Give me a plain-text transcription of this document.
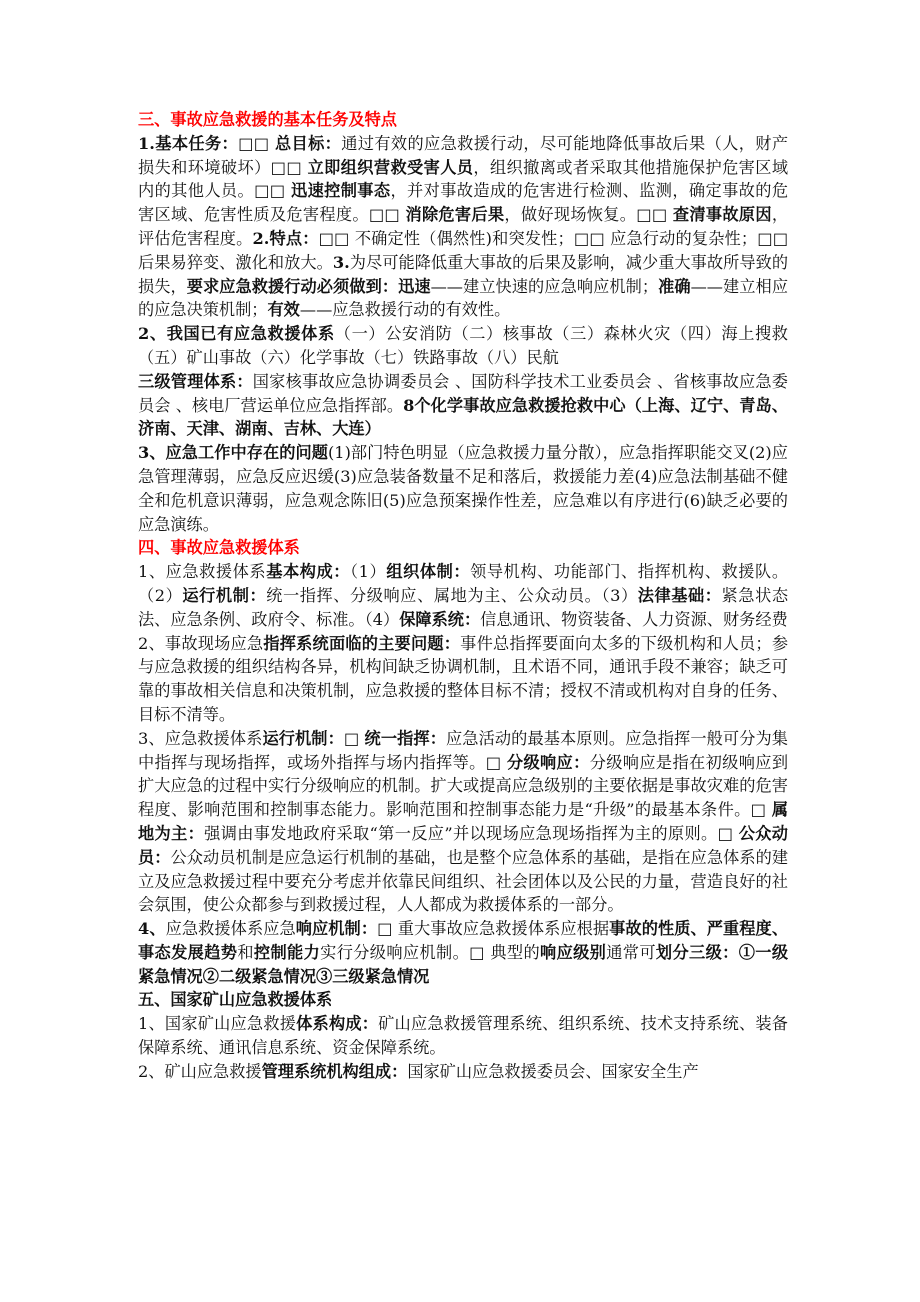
三、事故应急救援的基本任务及特点

1.基本任务：□□ 总目标：通过有效的应急救援行动，尽可能地降低事故后果（人，财产损失和环境破坏）□□ 立即组织营救受害人员，组织撤离或者采取其他措施保护危害区域内的其他人员。□□ 迅速控制事态，并对事故造成的危害进行检测、监测，确定事故的危害区域、危害性质及危害程度。□□ 消除危害后果，做好现场恢复。□□ 查清事故原因，评估危害程度。2.特点：□□ 不确定性（偶然性)和突发性；□□ 应急行动的复杂性；□□ 后果易猝变、激化和放大。3.为尽可能降低重大事故的后果及影响，减少重大事故所导致的损失，要求应急救援行动必须做到：迅速——建立快速的应急响应机制；准确——建立相应的应急决策机制；有效——应急救援行动的有效性。

2、我国已有应急救援体系（一）公安消防（二）核事故（三）森林火灾（四）海上搜救（五）矿山事故（六）化学事故（七）铁路事故（八）民航

三级管理体系：国家核事故应急协调委员会 、国防科学技术工业委员会 、省核事故应急委员会 、核电厂营运单位应急指挥部。8个化学事故应急救援抢救中心（上海、辽宁、青岛、济南、天津、湖南、吉林、大连）

3、应急工作中存在的问题(1)部门特色明显（应急救援力量分散），应急指挥职能交叉(2)应急管理薄弱，应急反应迟缓(3)应急装备数量不足和落后，救援能力差(4)应急法制基础不健全和危机意识薄弱，应急观念陈旧(5)应急预案操作性差，应急难以有序进行(6)缺乏必要的应急演练。

四、事故应急救援体系

1、应急救援体系基本构成：（1）组织体制：领导机构、功能部门、指挥机构、救援队。（2）运行机制：统一指挥、分级响应、属地为主、公众动员。（3）法律基础：紧急状态法、应急条例、政府令、标准。（4）保障系统：信息通讯、物资装备、人力资源、财务经费

2、事故现场应急指挥系统面临的主要问题：事件总指挥要面向太多的下级机构和人员；参与应急救援的组织结构各异，机构间缺乏协调机制，且术语不同，通讯手段不兼容；缺乏可靠的事故相关信息和决策机制，应急救援的整体目标不清；授权不清或机构对自身的任务、目标不清等。

3、应急救援体系运行机制：□ 统一指挥：应急活动的最基本原则。应急指挥一般可分为集中指挥与现场指挥，或场外指挥与场内指挥等。□ 分级响应：分级响应是指在初级响应到扩大应急的过程中实行分级响应的机制。扩大或提高应急级别的主要依据是事故灾难的危害程度、影响范围和控制事态能力。影响范围和控制事态能力是“升级”的最基本条件。□ 属地为主：强调由事发地政府采取“第一反应”并以现场应急现场指挥为主的原则。□ 公众动员：公众动员机制是应急运行机制的基础，也是整个应急体系的基础，是指在应急体系的建立及应急救援过程中要充分考虑并依靠民间组织、社会团体以及公民的力量，营造良好的社会氛围，使公众都参与到救援过程，人人都成为救援体系的一部分。

4、应急救援体系应急响应机制：□ 重大事故应急救援体系应根据事故的性质、严重程度、事态发展趋势和控制能力实行分级响应机制。□ 典型的响应级别通常可划分三级：①一级紧急情况②二级紧急情况③三级紧急情况

五、国家矿山应急救援体系

1、国家矿山应急救援体系构成：矿山应急救援管理系统、组织系统、技术支持系统、装备保障系统、通讯信息系统、资金保障系统。

2、矿山应急救援管理系统机构组成：国家矿山应急救援委员会、国家安全生产
